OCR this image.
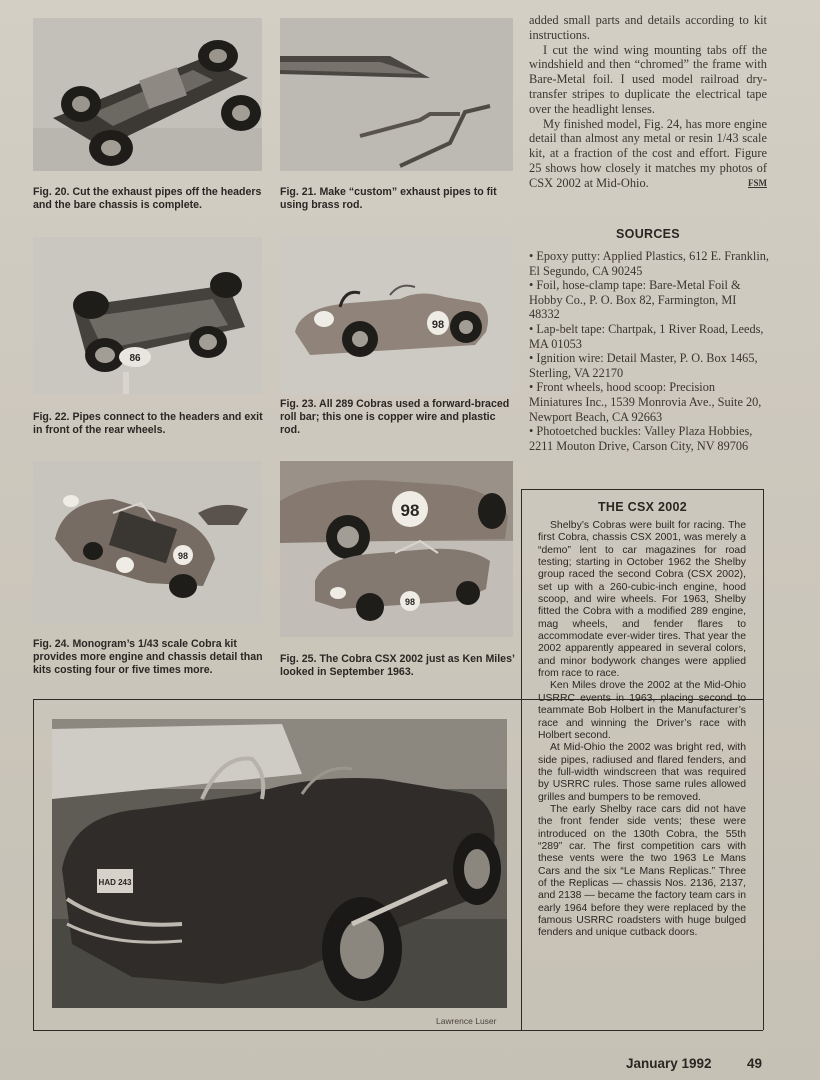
Fig. 20. Cut the exhaust pipes off the headers and the bare chassis is complete.
Fig. 21. Make “custom” exhaust pipes to fit using brass rod.
86
Fig. 22. Pipes connect to the headers and exit in front of the rear wheels.
98
Fig. 23. All 289 Cobras used a forward-braced roll bar; this one is copper wire and plastic rod.
98
Fig. 24. Monogram’s 1/43 scale Cobra kit provides more engine and chassis detail than kits costing four or five times more.
98
98
Fig. 25. The Cobra CSX 2002 just as Ken Miles’ looked in September 1963.

added small parts and details according to kit instructions.

I cut the wind wing mounting tabs off the windshield and then “chromed” the frame with Bare-Metal foil. I used model railroad dry-transfer stripes to duplicate the electrical tape over the headlight lenses.

My finished model, Fig. 24, has more engine detail than almost any metal or resin 1/43 scale kit, at a fraction of the cost and effort. Figure 25 shows how closely it matches my photos of CSX 2002 at Mid-Ohio.	FSM

SOURCES
• Epoxy putty: Applied Plastics, 612 E. Franklin, El Segundo, CA 90245
• Foil, hose-clamp tape: Bare-Metal Foil & Hobby Co., P. O. Box 82, Farmington, MI 48332
• Lap-belt tape: Chartpak, 1 River Road, Leeds, MA 01053
• Ignition wire: Detail Master, P. O. Box 1465, Sterling, VA 22170
• Front wheels, hood scoop: Precision Miniatures Inc., 1539 Monrovia Ave., Suite 20, Newport Beach, CA 92663
• Photoetched buckles: Valley Plaza Hobbies, 2211 Mouton Drive, Carson City, NV 89706
THE CSX 2002

Shelby’s Cobras were built for racing. The first Cobra, chassis CSX 2001, was merely a “demo” lent to car magazines for road testing; starting in October 1962 the Shelby group raced the second Cobra (CSX 2002), set up with a 260-cubic-inch engine, hood scoop, and wire wheels. For 1963, Shelby fitted the Cobra with a modified 289 engine, mag wheels, and fender flares to accommodate ever-wider tires. That year the 2002 apparently appeared in several colors, and minor bodywork changes were applied from race to race.

Ken Miles drove the 2002 at the Mid-Ohio USRRC events in 1963, placing second to teammate Bob Holbert in the Manufacturer’s race and winning the Driver’s race with Holbert second.

At Mid-Ohio the 2002 was bright red, with side pipes, radiused and flared fenders, and the full-width windscreen that was required by USRRC rules. Those same rules allowed grilles and bumpers to be removed.

The early Shelby race cars did not have the front fender side vents; these were introduced on the 130th Cobra, the 55th “289” car. The first competition cars with these vents were the two 1963 Le Mans Cars and the six “Le Mans Replicas.” Three of the Replicas — chassis Nos. 2136, 2137, and 2138 — became the factory team cars in early 1964 before they were replaced by the famous USRRC roadsters with huge bulged fenders and unique cutback doors.

HAD 243
Lawrence Luser
January 1992	49
